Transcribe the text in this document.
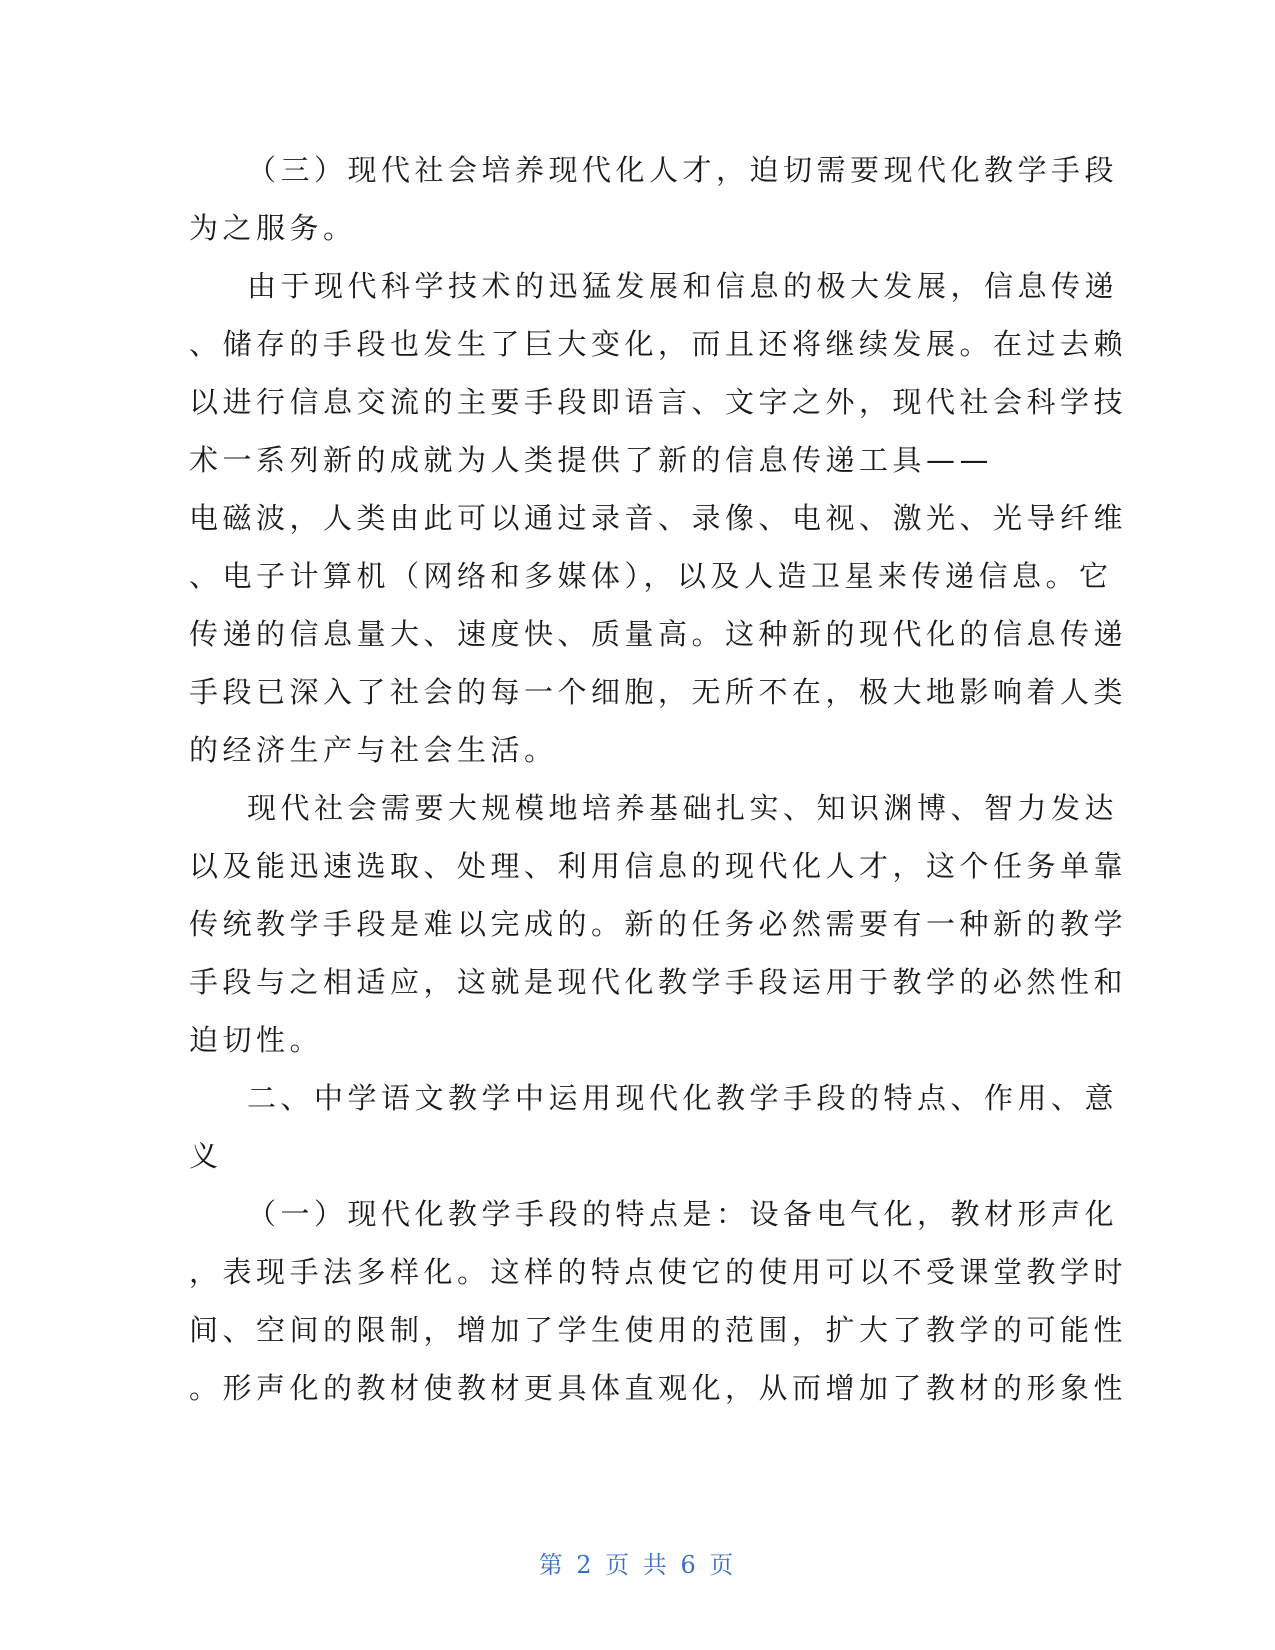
（三）现代社会培养现代化人才，迫切需要现代化教学手段
为之服务。
由于现代科学技术的迅猛发展和信息的极大发展，信息传递
、储存的手段也发生了巨大变化，而且还将继续发展。在过去赖
以进行信息交流的主要手段即语言、文字之外，现代社会科学技
术一系列新的成就为人类提供了新的信息传递工具——
电磁波，人类由此可以通过录音、录像、电视、激光、光导纤维
、电子计算机（网络和多媒体），以及人造卫星来传递信息。它
传递的信息量大、速度快、质量高。这种新的现代化的信息传递
手段已深入了社会的每一个细胞，无所不在，极大地影响着人类
的经济生产与社会生活。
现代社会需要大规模地培养基础扎实、知识渊博、智力发达
以及能迅速选取、处理、利用信息的现代化人才，这个任务单靠
传统教学手段是难以完成的。新的任务必然需要有一种新的教学
手段与之相适应，这就是现代化教学手段运用于教学的必然性和
迫切性。
二、中学语文教学中运用现代化教学手段的特点、作用、意
义
（一）现代化教学手段的特点是：设备电气化，教材形声化
，表现手法多样化。这样的特点使它的使用可以不受课堂教学时
间、空间的限制，增加了学生使用的范围，扩大了教学的可能性
。形声化的教材使教材更具体直观化，从而增加了教材的形象性
第 2 页 共 6 页
